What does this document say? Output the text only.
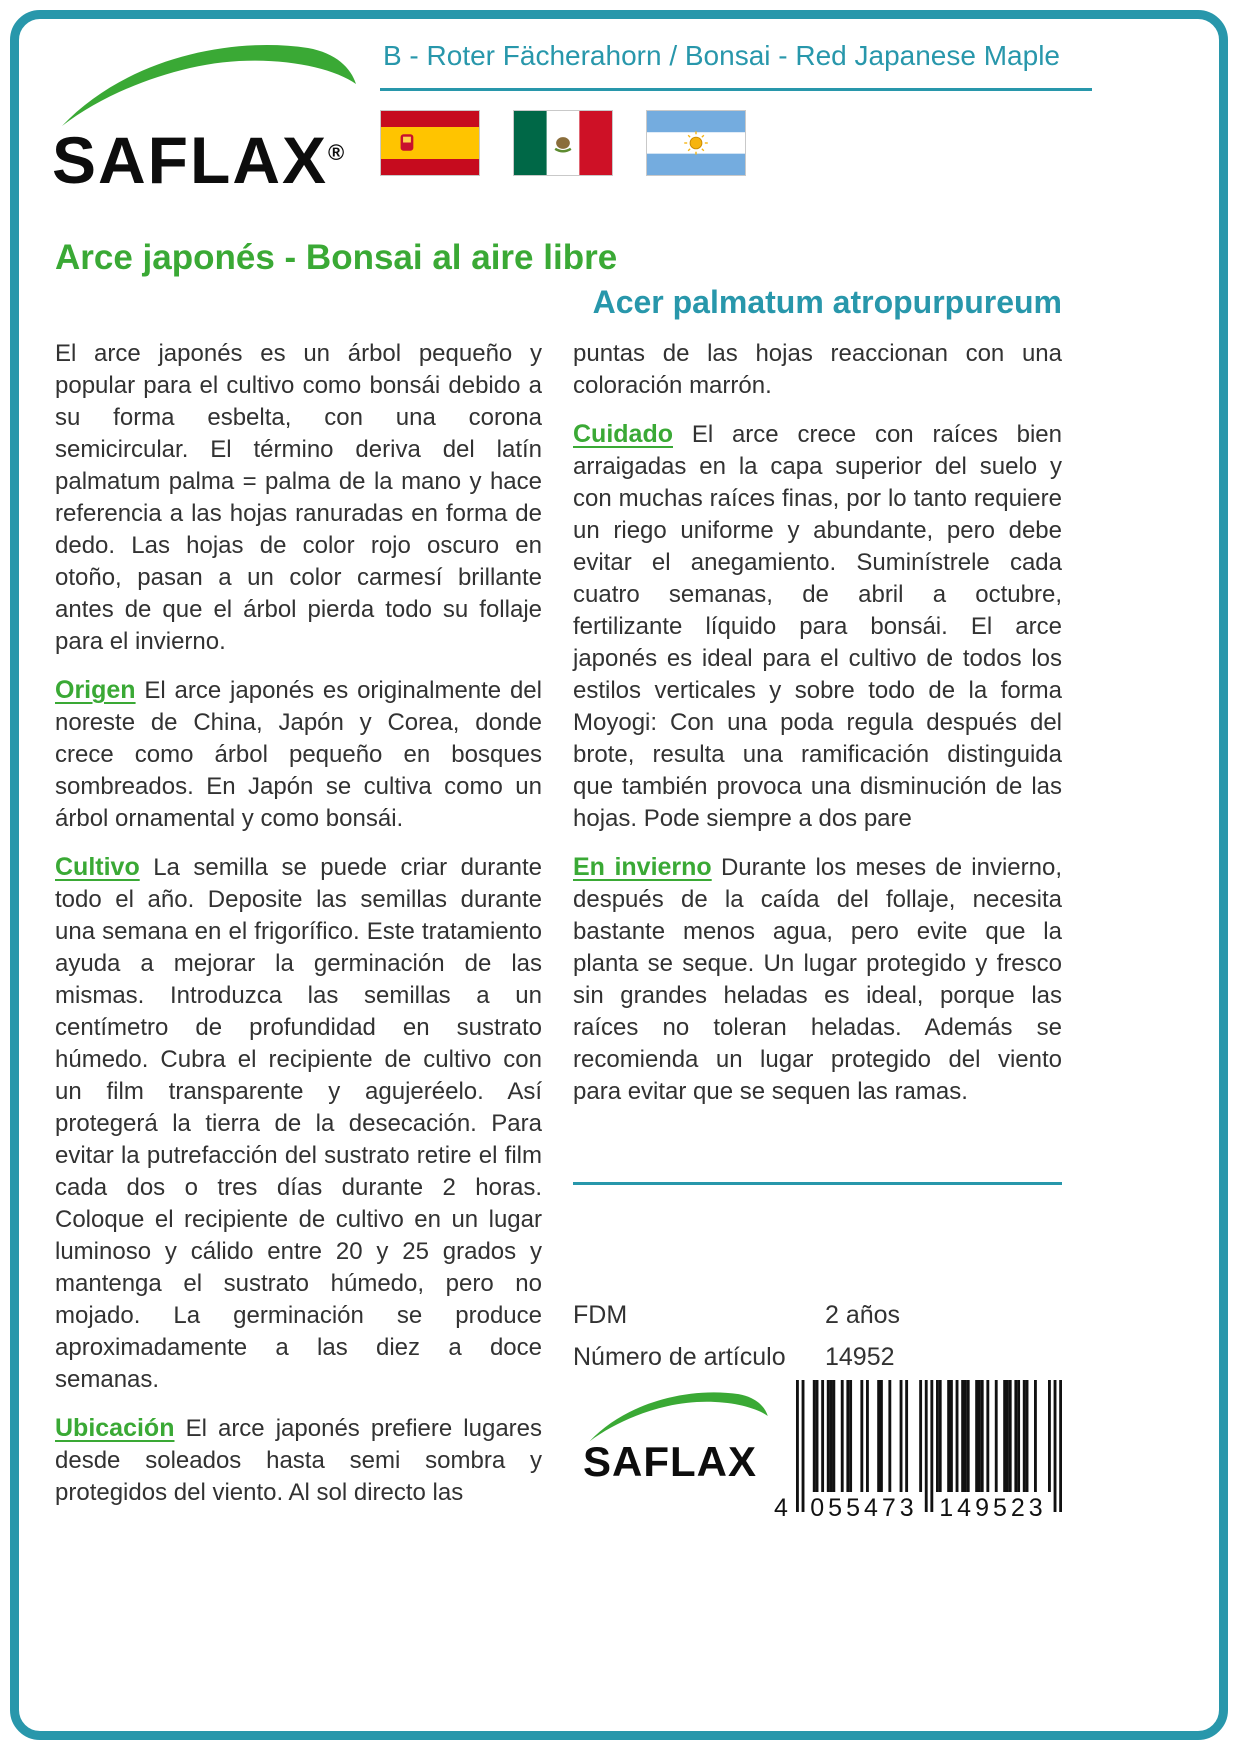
SAFLAX®
B - Roter Fächerahorn / Bonsai - Red Japanese Maple
Arce japonés - Bonsai al aire libre
Acer palmatum atropurpureum

El arce japonés es un árbol pequeño y popular para el cultivo como bonsái debido a su forma esbelta, con una corona semicircular. El término deriva del latín palmatum palma = palma de la mano y hace referencia a las hojas ranuradas en forma de dedo. Las hojas de color rojo oscuro en otoño, pasan a un color carmesí brillante antes de que el árbol pierda todo su follaje para el invierno.

Origen El arce japonés es originalmente del noreste de China, Japón y Corea, donde crece como árbol pequeño en bosques sombreados. En Japón se cultiva como un árbol ornamental y como bonsái.

Cultivo La semilla se puede criar durante todo el año. Deposite las semillas durante una semana en el frigorífico. Este tratamiento ayuda a mejorar la germinación de las mismas. Introduzca las semillas a un centímetro de profundidad en sustrato húmedo. Cubra el recipiente de cultivo con un film transparente y agujeréelo. Así protegerá la tierra de la desecación. Para evitar la putrefacción del sustrato retire el film cada dos o tres días durante 2 horas. Coloque el recipiente de cultivo en un lugar luminoso y cálido entre 20 y 25 grados y mantenga el sustrato húmedo, pero no mojado. La germinación se produce aproximadamente a las diez a doce semanas.

Ubicación El arce japonés prefiere lugares desde soleados hasta semi sombra y protegidos del viento. Al sol directo las

puntas de las hojas reaccionan con una coloración marrón.

Cuidado El arce crece con raíces bien arraigadas en la capa superior del suelo y con muchas raíces finas, por lo tanto requiere un riego uniforme y abundante, pero debe evitar el anegamiento. Suminístrele cada cuatro semanas, de abril a octubre, fertilizante líquido para bonsái. El arce japonés es ideal para el cultivo de todos los estilos verticales y sobre todo de la forma Moyogi: Con una poda regula después del brote, resulta una ramificación distinguida que también provoca una disminución de las hojas. Pode siempre a dos pare

En invierno Durante los meses de invierno, después de la caída del follaje, necesita bastante menos agua, pero evite que la planta se seque. Un lugar protegido y fresco sin grandes heladas es ideal, porque las raíces no toleran heladas. Además se recomienda un lugar protegido del viento para evitar que se sequen las ramas.

FDM	2 años
Número de artículo	14952
SAFLAX
4 055473 149523
